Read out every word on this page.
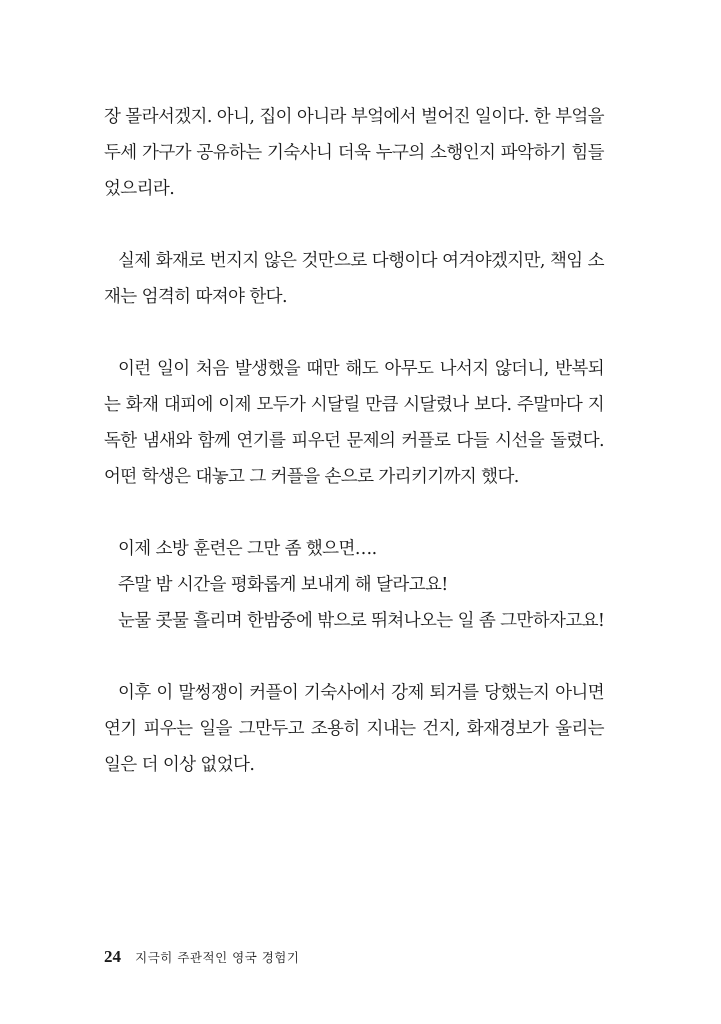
장 몰라서겠지. 아니, 집이 아니라 부엌에서 벌어진 일이다. 한 부엌을
두세 가구가 공유하는 기숙사니 더욱 누구의 소행인지 파악하기 힘들
었으리라.
실제 화재로 번지지 않은 것만으로 다행이다 여겨야겠지만, 책임 소
재는 엄격히 따져야 한다.
이런 일이 처음 발생했을 때만 해도 아무도 나서지 않더니, 반복되
는 화재 대피에 이제 모두가 시달릴 만큼 시달렸나 보다. 주말마다 지
독한 냄새와 함께 연기를 피우던 문제의 커플로 다들 시선을 돌렸다.
어떤 학생은 대놓고 그 커플을 손으로 가리키기까지 했다.
이제 소방 훈련은 그만 좀 했으면….
주말 밤 시간을 평화롭게 보내게 해 달라고요!
눈물 콧물 흘리며 한밤중에 밖으로 뛰쳐나오는 일 좀 그만하자고요!
이후 이 말썽쟁이 커플이 기숙사에서 강제 퇴거를 당했는지 아니면
연기 피우는 일을 그만두고 조용히 지내는 건지, 화재경보가 울리는
일은 더 이상 없었다.
24 지극히 주관적인 영국 경험기
